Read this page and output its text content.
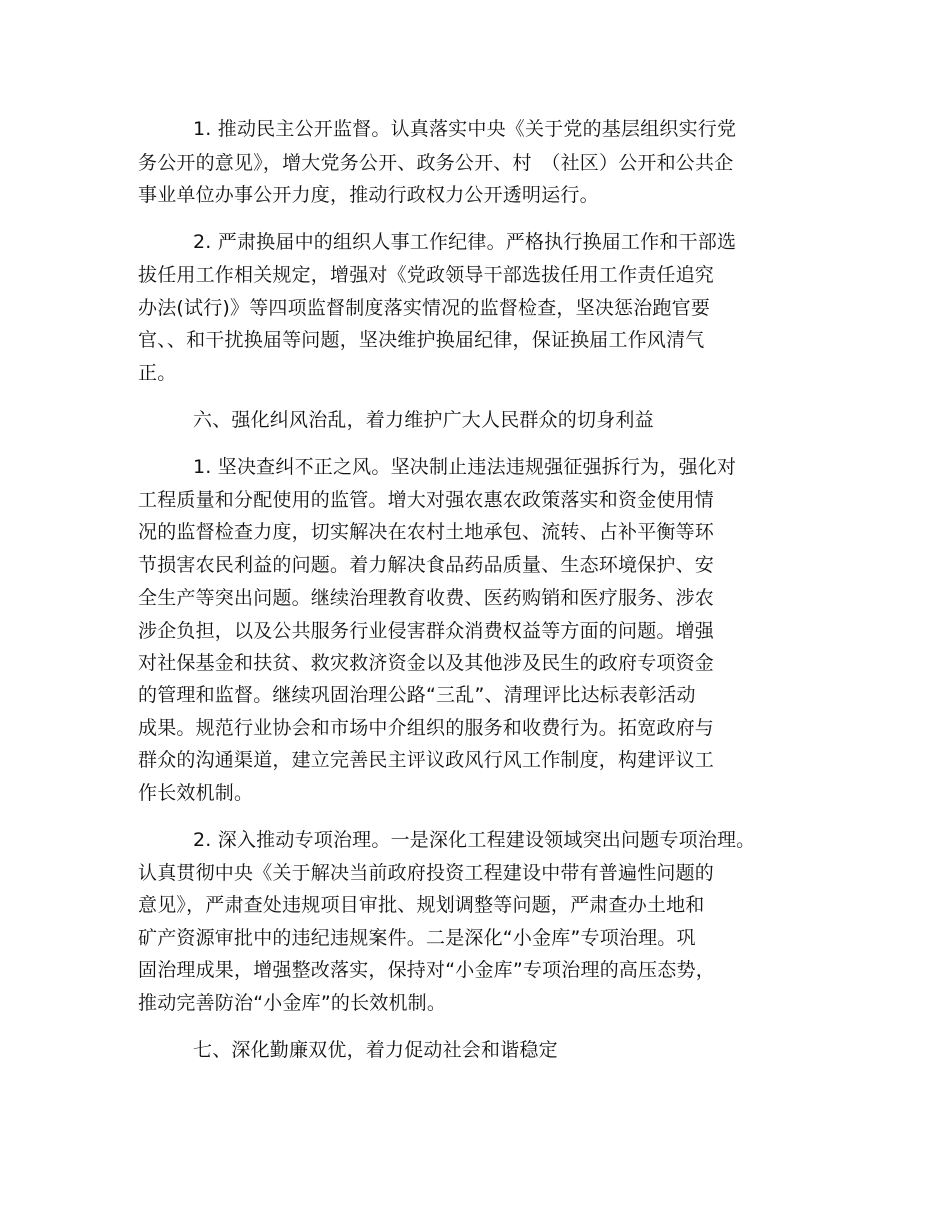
1. 推动民主公开监督。认真落实中央《关于党的基层组织实行党
务公开的意见》，增大党务公开、政务公开、村　（社区）公开和公共企
事业单位办事公开力度，推动行政权力公开透明运行。
2. 严肃换届中的组织人事工作纪律。严格执行换届工作和干部选
拔任用工作相关规定，增强对《党政领导干部选拔任用工作责任追究
办法(试行)》等四项监督制度落实情况的监督检查，坚决惩治跑官要
官、、和干扰换届等问题，坚决维护换届纪律，保证换届工作风清气
正。
六、强化纠风治乱，着力维护广大人民群众的切身利益
1. 坚决查纠不正之风。坚决制止违法违规强征强拆行为，强化对
工程质量和分配使用的监管。增大对强农惠农政策落实和资金使用情
况的监督检查力度，切实解决在农村土地承包、流转、占补平衡等环
节损害农民利益的问题。着力解决食品药品质量、生态环境保护、安
全生产等突出问题。继续治理教育收费、医药购销和医疗服务、涉农
涉企负担，以及公共服务行业侵害群众消费权益等方面的问题。增强
对社保基金和扶贫、救灾救济资金以及其他涉及民生的政府专项资金
的管理和监督。继续巩固治理公路“三乱”、清理评比达标表彰活动
成果。规范行业协会和市场中介组织的服务和收费行为。拓宽政府与
群众的沟通渠道，建立完善民主评议政风行风工作制度，构建评议工
作长效机制。
2. 深入推动专项治理。一是深化工程建设领域突出问题专项治理。
认真贯彻中央《关于解决当前政府投资工程建设中带有普遍性问题的
意见》，严肃查处违规项目审批、规划调整等问题，严肃查办土地和
矿产资源审批中的违纪违规案件。二是深化“小金库”专项治理。巩
固治理成果，增强整改落实，保持对“小金库”专项治理的高压态势，
推动完善防治“小金库”的长效机制。
七、深化勤廉双优，着力促动社会和谐稳定
